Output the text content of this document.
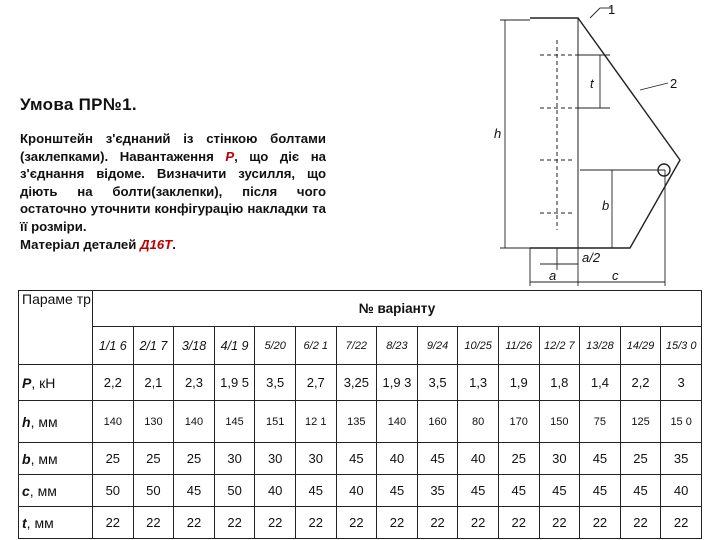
Умова ПР№1.
Кронштейн з'єднаний із стінкою болтами (заклепками). Навантаження P, що діє на з'єднання відоме. Визначити зусилля, що діють на болти(заклепки), після чого остаточно уточнити конфігурацію накладки та її розміри.
Матеріал деталей Д16Т.
1
2
h
t
b
a/2
a	c
Параме тр	№ варіанту														
	1/1 6	2/1 7	3/18	4/1 9	5/20	6/2 1	7/22	8/23	9/24	10/25	11/26	12/2 7	13/28	14/29	15/3 0
P, кН	2,2	2,1	2,3	1,9 5	3,5	2,7	3,25	1,9 3	3,5	1,3	1,9	1,8	1,4	2,2	3
h, мм	140	130	140	145	151	12 1	135	140	160	80	170	150	75	125	15 0
b, мм	25	25	25	30	30	30	45	40	45	40	25	30	45	25	35
c, мм	50	50	45	50	40	45	40	45	35	45	45	45	45	45	40
t, мм	22	22	22	22	22	22	22	22	22	22	22	22	22	22	22
